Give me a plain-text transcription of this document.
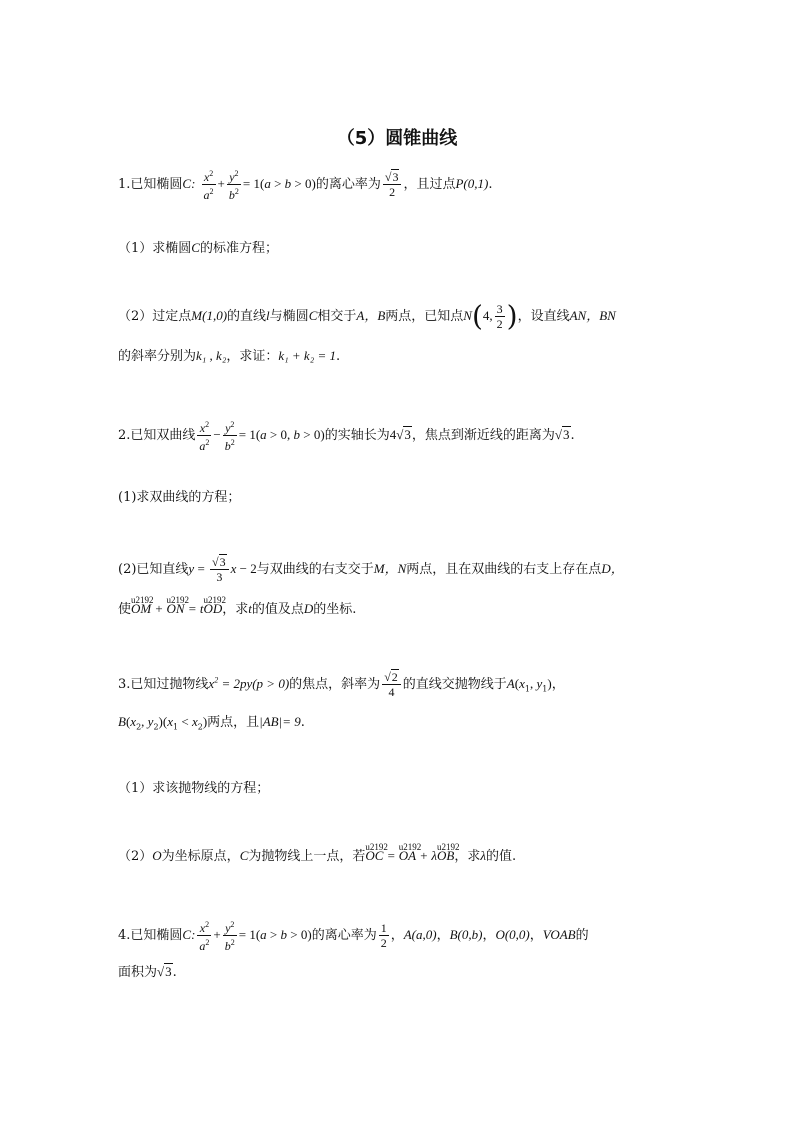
（5）圆锥曲线
1.已知椭圆C: $\frac{x^2}{a^2} + \frac{y^2}{b^2} = 1(a > b > 0)$的离心率为 $\frac{√3}{2}$ ，且过点P(0,1).
（1）求椭圆C的标准方程；
（2）过定点M(1,0)的直线l与椭圆C相交于A，B两点，已知点N(4, $\frac{3}{2}$ )，设直线AN，BN
的斜率分别为k₁ , k₂，求证：k₁ + k₂ = 1.
2.已知双曲线 $\frac{x^2}{a^2} - \frac{y^2}{b^2} = 1(a > 0$, b > 0)的实轴长为4√3，焦点到渐近线的距离为√3.
(1)求双曲线的方程；
(2)已知直线$y = \frac{√3}{3}$ x − 2与双曲线的右支交于M，N两点，且在双曲线的右支上存在点D，
使u2192 OM + u2192 ON = tu2192 OD，求t的值及点D的坐标.
3.已知过抛物线$x^2 = 2py(p > 0)$的焦点，斜率为 $\frac{√2}{4}$ 的直线交抛物线于$A(x_1$, $y_1$)，
$B(x_2$, $y_2)(x_1 < x_2)$两点，且|AB|= 9.
（1）求该抛物线的方程；
（2）O为坐标原点，C为抛物线上一点，若u2192 OC = u2192 OA + λu2192 OB，求λ的值.
4.已知椭圆C: $\frac{x^2}{a^2} + \frac{y^2}{b^2} = 1(a > b > 0)$的离心率为 $\frac{1}{2}$ ，A(a,0)，B(0,b)，O(0,0)，VOAB的
面积为√3.
